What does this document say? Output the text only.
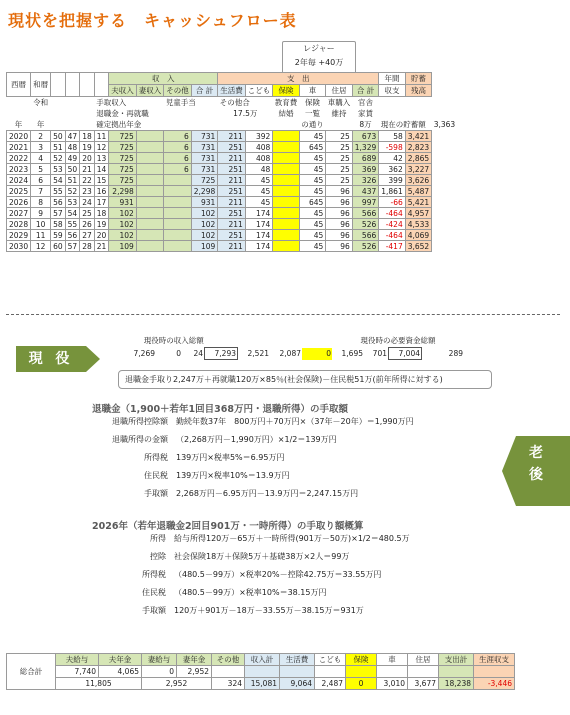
現状を把握する　キャッシュフロー表
レジャー
2年毎 +40万
西暦	和暦					収　入				支　出						年間	貯蓄	
						夫収入	妻収入	その他	合 計	生活費	こども	保険	車	住居	合 計	収支	残高	
	令和				手取収入			児童手当		その他合		教育費	保険	車購入	官舎			
					退職金・再就職					17.5万		結婚	一覧	維持	家賃			
年	年				確定拠出年金								の通り		8万	現在の貯蓄額		3,363
2020	2	50	47	18	11	725		6	731	211	392		45	25	673	58	3,421	
2021	3	51	48	19	12	725		6	731	251	408		645	25	1,329	-598	2,823	
2022	4	52	49	20	13	725		6	731	211	408		45	25	689	42	2,865	
2023	5	53	50	21	14	725		6	731	251	48		45	25	369	362	3,227	
2024	6	54	51	22	15	725			725	211	45		45	25	326	399	3,626	
2025	7	55	52	23	16	2,298			2,298	251	45		45	96	437	1,861	5,487	
2026	8	56	53	24	17	931			931	211	45		645	96	997	-66	5,421	
2027	9	57	54	25	18	102			102	251	174		45	96	566	-464	4,957	
2028	10	58	55	26	19	102			102	211	174		45	96	526	-424	4,533	
2029	11	59	56	27	20	102			102	251	174		45	96	566	-464	4,069	
2030	12	60	57	28	21	109			109	211	174		45	96	526	-417	3,652	
現役時の収入総額							現役時の必要資金総額			
7,269	0	24	7,293	2,521	2,087	0	1,695	701	7,004	289
現 役
退職金手取り2,247万＋再就職120万×85％(社会保険)－住民税51万(前年所得に対する)
老後
退職金（1,900＋若年1回目368万円・退職所得）の手取額
退職所得控除額 勤続年数37年　800万円＋70万円×（37年－20年）＝1,990万円
退職所得の金額 （2,268万円－1,990万円）×1/2＝139万円
所得税 139万円×税率5%＝6.95万円
住民税 139万円×税率10%＝13.9万円
手取額 2,268万円－6.95万円－13.9万円＝2,247.15万円
2026年（若年退職金2回目901万・一時所得）の手取り額概算
所得 給与所得120万－65万＋一時所得(901万－50万)×1/2＝480.5万
控除 社会保険18万＋保険5万＋基礎38万×2人＝99万
所得税 （480.5－99万）×税率20%－控除42.75万＝33.55万円
住民税 （480.5－99万）×税率10%＝38.15万円
手取額 120万＋901万－18万－33.55万－38.15万＝931万
総合計	夫給与	夫年金	妻給与	妻年金	その他	収入計	生活費	こども	保険	車	住居	支出計	生涯収支
	7,740	4,065	0	2,952									
	11,805		2,952		324	15,081	9,064	2,487	0	3,010	3,677	18,238	-3,446
